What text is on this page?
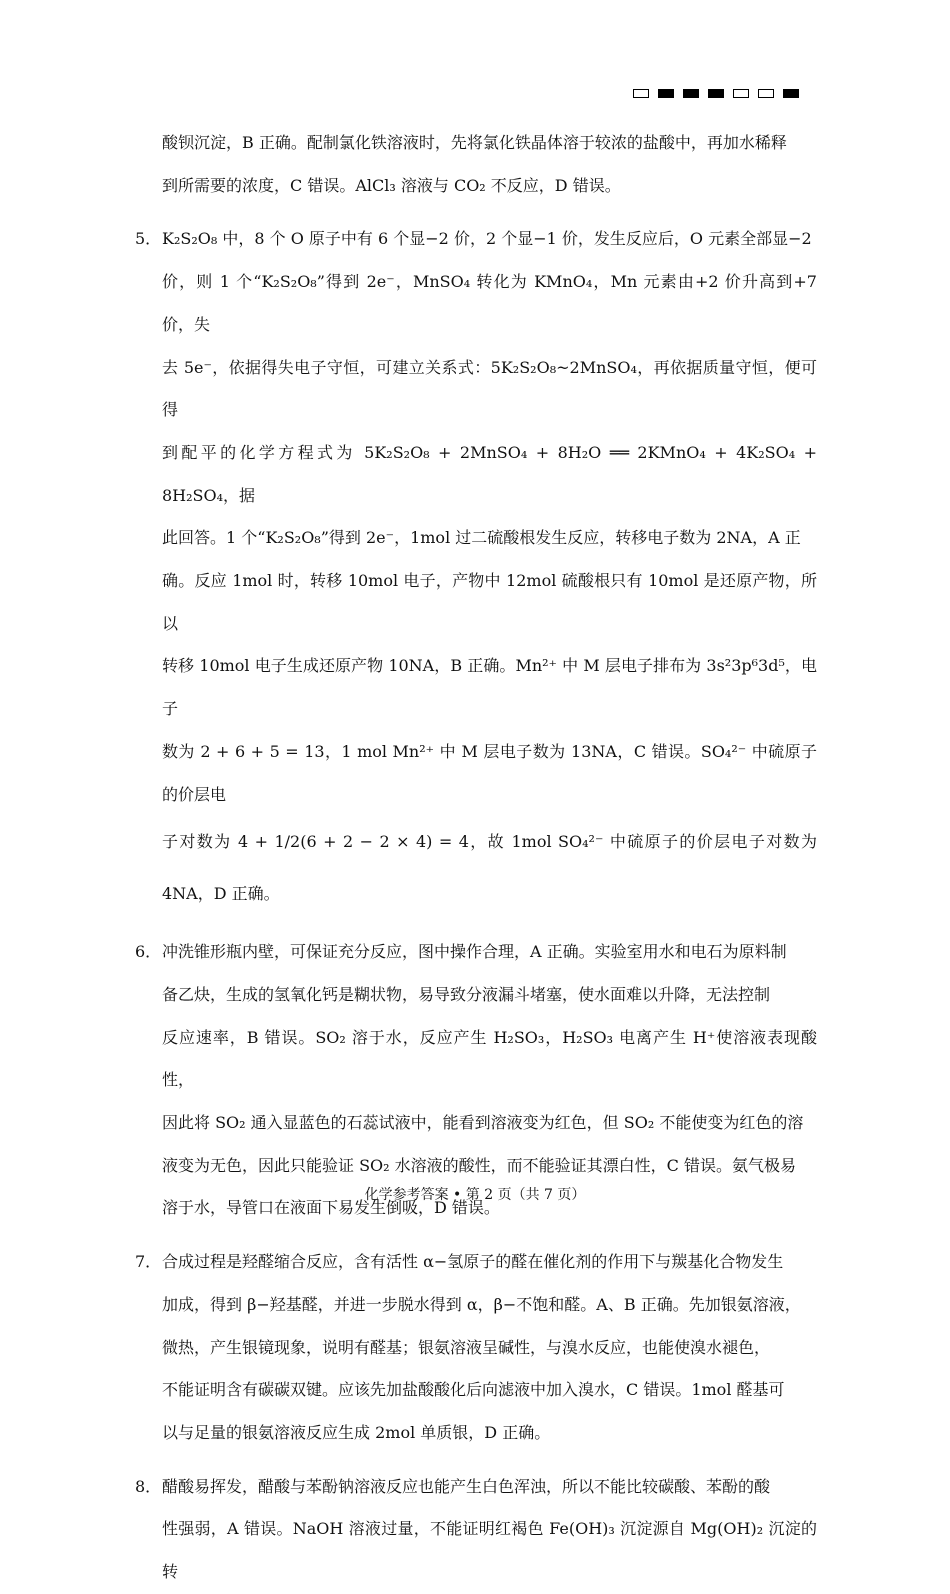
酸钡沉淀，B 正确。配制氯化铁溶液时，先将氯化铁晶体溶于较浓的盐酸中，再加水稀释
到所需要的浓度，C 错误。AlCl₃ 溶液与 CO₂ 不反应，D 错误。
5． K₂S₂O₈ 中，8 个 O 原子中有 6 个显−2 价，2 个显−1 价，发生反应后，O 元素全部显−2
价，则 1 个“K₂S₂O₈”得到 2e⁻，MnSO₄ 转化为 KMnO₄，Mn 元素由+2 价升高到+7 价，失
去 5e⁻，依据得失电子守恒，可建立关系式：5K₂S₂O₈~2MnSO₄，再依据质量守恒，便可得
到配平的化学方程式为 5K₂S₂O₈ + 2MnSO₄ + 8H₂O ══ 2KMnO₄ + 4K₂SO₄ + 8H₂SO₄，据
此回答。1 个“K₂S₂O₈”得到 2e⁻，1mol 过二硫酸根发生反应，转移电子数为 2NA，A 正
确。反应 1mol 时，转移 10mol 电子，产物中 12mol 硫酸根只有 10mol 是还原产物，所以
转移 10mol 电子生成还原产物 10NA，B 正确。Mn²⁺ 中 M 层电子排布为 3s²3p⁶3d⁵，电子
数为 2 + 6 + 5 = 13，1 mol Mn²⁺ 中 M 层电子数为 13NA，C 错误。SO₄²⁻ 中硫原子的价层电
子对数为 4 + 1/2(6 + 2 − 2 × 4) = 4，故 1mol SO₄²⁻ 中硫原子的价层电子对数为 4NA，D 正确。
6． 冲洗锥形瓶内壁，可保证充分反应，图中操作合理，A 正确。实验室用水和电石为原料制
备乙炔，生成的氢氧化钙是糊状物，易导致分液漏斗堵塞，使水面难以升降，无法控制
反应速率，B 错误。SO₂ 溶于水，反应产生 H₂SO₃，H₂SO₃ 电离产生 H⁺使溶液表现酸性，
因此将 SO₂ 通入显蓝色的石蕊试液中，能看到溶液变为红色，但 SO₂ 不能使变为红色的溶
液变为无色，因此只能验证 SO₂ 水溶液的酸性，而不能验证其漂白性，C 错误。氨气极易
溶于水，导管口在液面下易发生倒吸，D 错误。
7． 合成过程是羟醛缩合反应，含有活性 α−氢原子的醛在催化剂的作用下与羰基化合物发生
加成，得到 β−羟基醛，并进一步脱水得到 α，β−不饱和醛。A、B 正确。先加银氨溶液，
微热，产生银镜现象，说明有醛基；银氨溶液呈碱性，与溴水反应，也能使溴水褪色，
不能证明含有碳碳双键。应该先加盐酸酸化后向滤液中加入溴水，C 错误。1mol 醛基可
以与足量的银氨溶液反应生成 2mol 单质银，D 正确。
8． 醋酸易挥发，醋酸与苯酚钠溶液反应也能产生白色浑浊，所以不能比较碳酸、苯酚的酸
性强弱，A 错误。NaOH 溶液过量，不能证明红褐色 Fe(OH)₃ 沉淀源自 Mg(OH)₂ 沉淀的转
化学参考答案 • 第 2 页（共 7 页）
